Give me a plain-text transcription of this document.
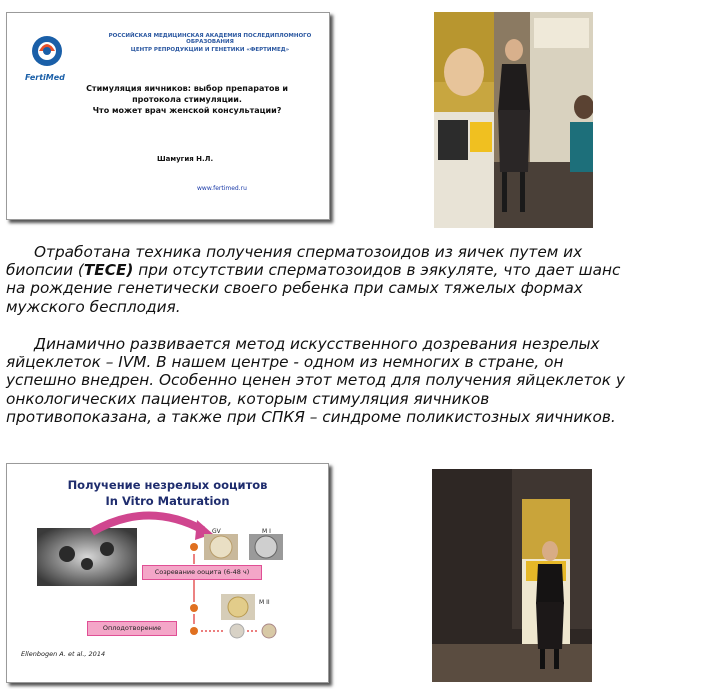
FertiMed
РОССИЙСКАЯ МЕДИЦИНСКАЯ АКАДЕМИЯ ПОСЛЕДИПЛОМНОГО ОБРАЗОВАНИЯ
ЦЕНТР РЕПРОДУКЦИИ И ГЕНЕТИКИ «ФЕРТИМЕД»
Стимуляция яичников: выбор препаратов и
протокола стимуляции.
Что может врач женской консультации?
Шамугия Н.Л.
www.fertimed.ru

Отработана техника получения сперматозоидов из яичек путем их биопсии (TECE) при отсутствии сперматозоидов в эякуляте, что дает шанс на рождение генетически своего ребенка при самых тяжелых формах мужского бесплодия.

Динамично развивается метод искусственного дозревания незрелых яйцеклеток – IVM. В нашем центре - одном из немногих в стране, он успешно внедрен. Особенно ценен этот метод для получения яйцеклеток у онкологических пациентов, которым стимуляция яичников противопоказана, а также при СПКЯ – синдроме поликистозных яичников.

Получение незрелых ооцитов
In Vitro Maturation
GV	M I
M II
Созревание ооцита (6-48 ч)
Оплодотворение
Ellenbogen A. et al., 2014
